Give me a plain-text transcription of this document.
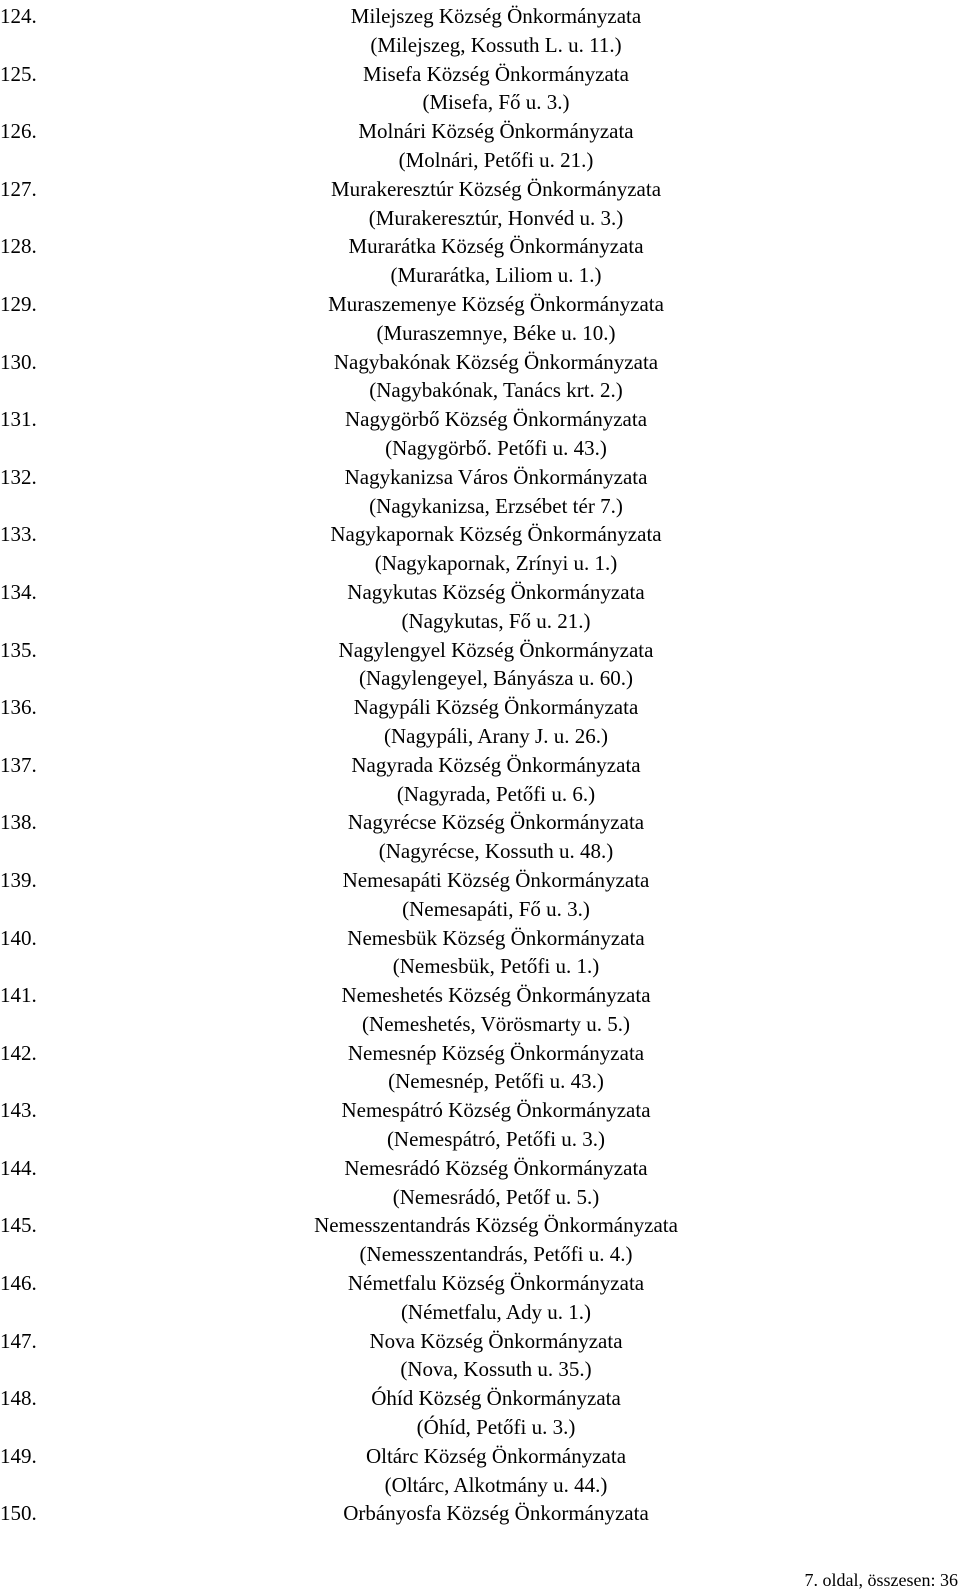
124.	Milejszeg Község Önkormányzata
(Milejszeg, Kossuth L. u. 11.)
125.	Misefa Község Önkormányzata
(Misefa, Fő u. 3.)
126.	Molnári Község Önkormányzata
(Molnári, Petőfi u. 21.)
127.	Murakeresztúr Község Önkormányzata
(Murakeresztúr, Honvéd u. 3.)
128.	Murarátka Község Önkormányzata
(Murarátka, Liliom u. 1.)
129.	Muraszemenye Község Önkormányzata
(Muraszemnye, Béke u. 10.)
130.	Nagybakónak Község Önkormányzata
(Nagybakónak, Tanács krt. 2.)
131.	Nagygörbő Község Önkormányzata
(Nagygörbő. Petőfi u. 43.)
132.	Nagykanizsa Város Önkormányzata
(Nagykanizsa, Erzsébet tér 7.)
133.	Nagykapornak Község Önkormányzata
(Nagykapornak, Zrínyi u. 1.)
134.	Nagykutas Község Önkormányzata
(Nagykutas, Fő u. 21.)
135.	Nagylengyel Község Önkormányzata
(Nagylengeyel, Bányásza u. 60.)
136.	Nagypáli Község Önkormányzata
(Nagypáli, Arany J. u. 26.)
137.	Nagyrada Község Önkormányzata
(Nagyrada, Petőfi u. 6.)
138.	Nagyrécse Község Önkormányzata
(Nagyrécse, Kossuth u. 48.)
139.	Nemesapáti Község Önkormányzata
(Nemesapáti, Fő u. 3.)
140.	Nemesbük Község Önkormányzata
(Nemesbük, Petőfi u. 1.)
141.	Nemeshetés Község Önkormányzata
(Nemeshetés, Vörösmarty u. 5.)
142.	Nemesnép Község Önkormányzata
(Nemesnép, Petőfi u. 43.)
143.	Nemespátró Község Önkormányzata
(Nemespátró, Petőfi u. 3.)
144.	Nemesrádó Község Önkormányzata
(Nemesrádó, Petőf u. 5.)
145.	Nemesszentandrás Község Önkormányzata
(Nemesszentandrás, Petőfi u. 4.)
146.	Németfalu Község Önkormányzata
(Németfalu, Ady u. 1.)
147.	Nova Község Önkormányzata
(Nova, Kossuth u. 35.)
148.	Óhíd Község Önkormányzata
(Óhíd, Petőfi u. 3.)
149.	Oltárc Község Önkormányzata
(Oltárc, Alkotmány u. 44.)
150.	Orbányosfa Község Önkormányzata
7. oldal, összesen: 36
